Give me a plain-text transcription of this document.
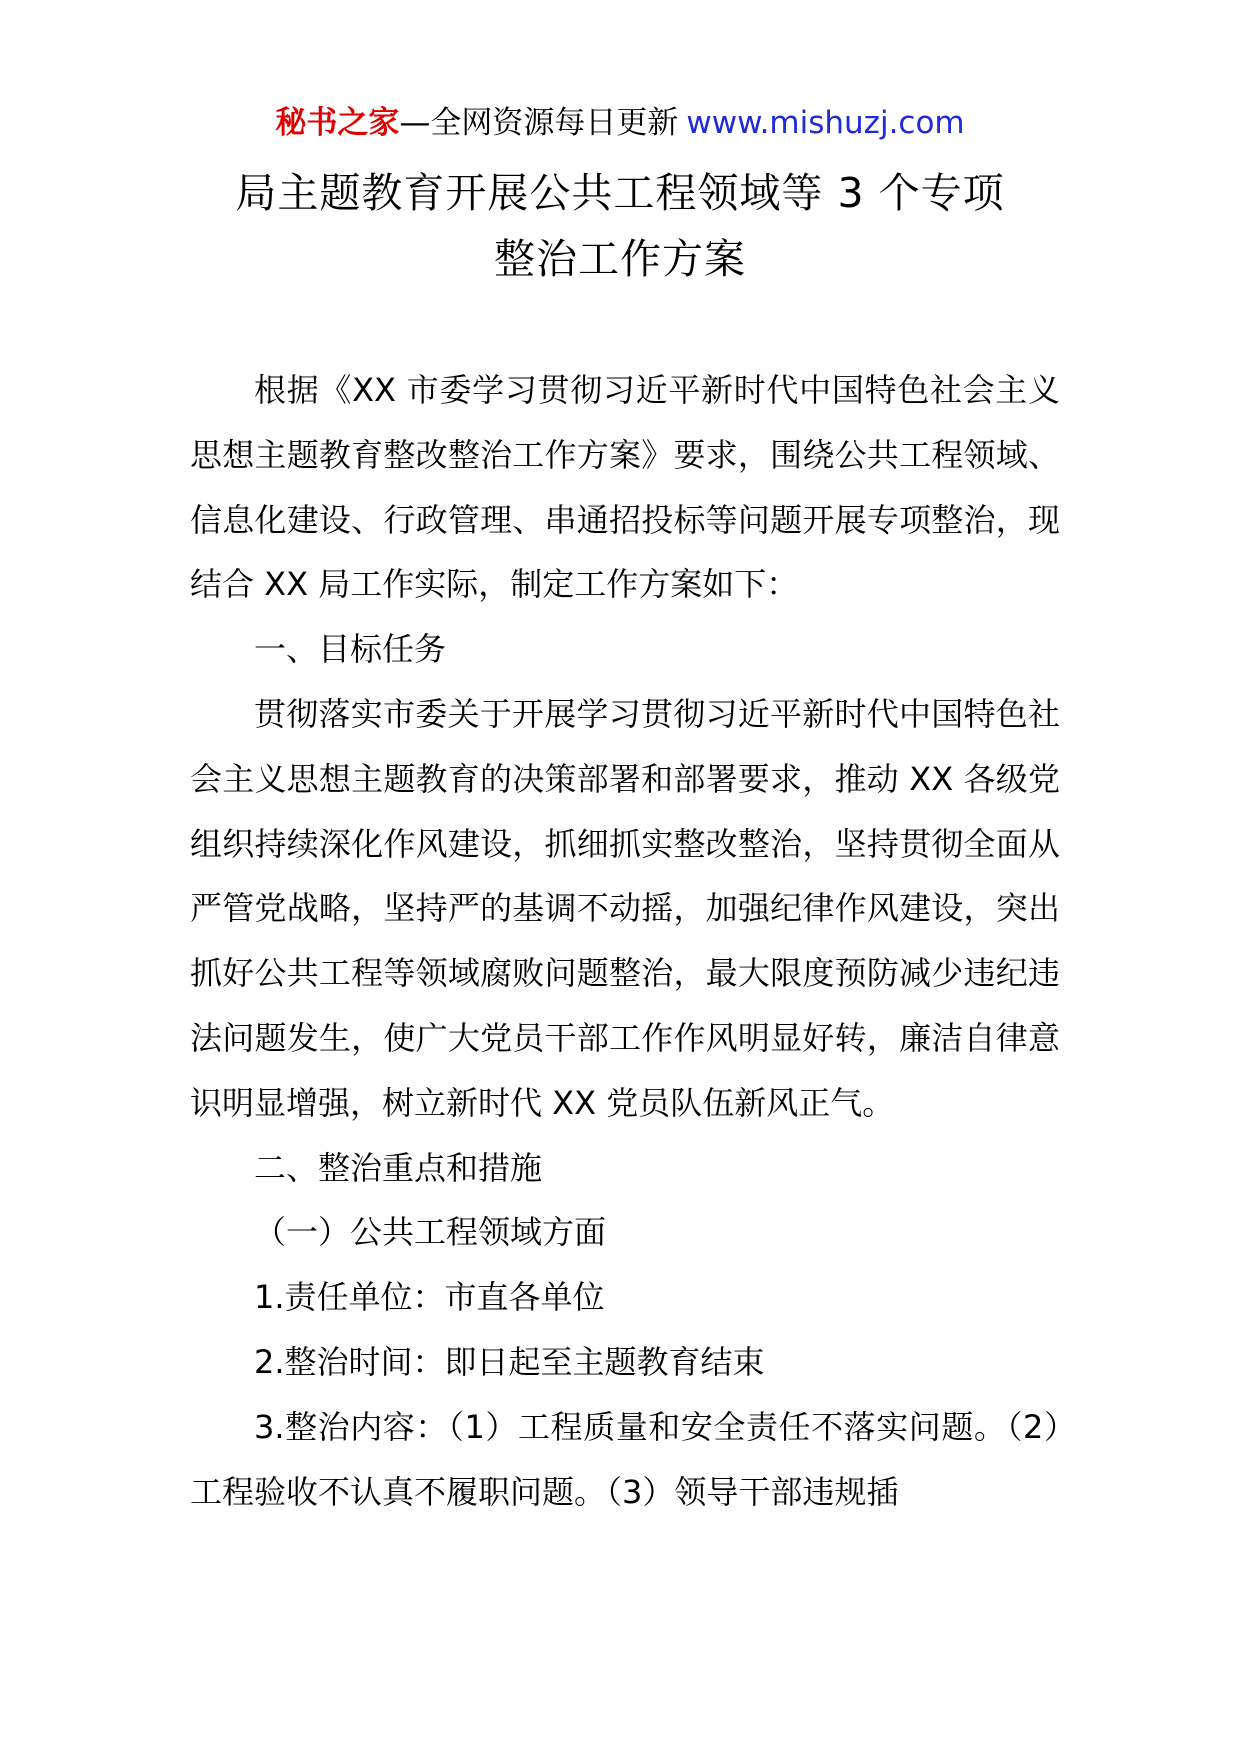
秘书之家—全网资源每日更新 www.mishuzj.com
局主题教育开展公共工程领域等 3 个专项
整治工作方案

根据《XX 市委学习贯彻习近平新时代中国特色社会主义思想主题教育整改整治工作方案》要求，围绕公共工程领域、信息化建设、行政管理、串通招投标等问题开展专项整治，现结合 XX 局工作实际，制定工作方案如下：

一、目标任务

贯彻落实市委关于开展学习贯彻习近平新时代中国特色社会主义思想主题教育的决策部署和部署要求，推动 XX 各级党组织持续深化作风建设，抓细抓实整改整治，坚持贯彻全面从严管党战略，坚持严的基调不动摇，加强纪律作风建设，突出抓好公共工程等领域腐败问题整治，最大限度预防减少违纪违法问题发生，使广大党员干部工作作风明显好转，廉洁自律意识明显增强，树立新时代 XX 党员队伍新风正气。

二、整治重点和措施

（一）公共工程领域方面

1.责任单位：市直各单位

2.整治时间：即日起至主题教育结束

3.整治内容：（1）工程质量和安全责任不落实问题。（2）工程验收不认真不履职问题。（3）领导干部违规插
